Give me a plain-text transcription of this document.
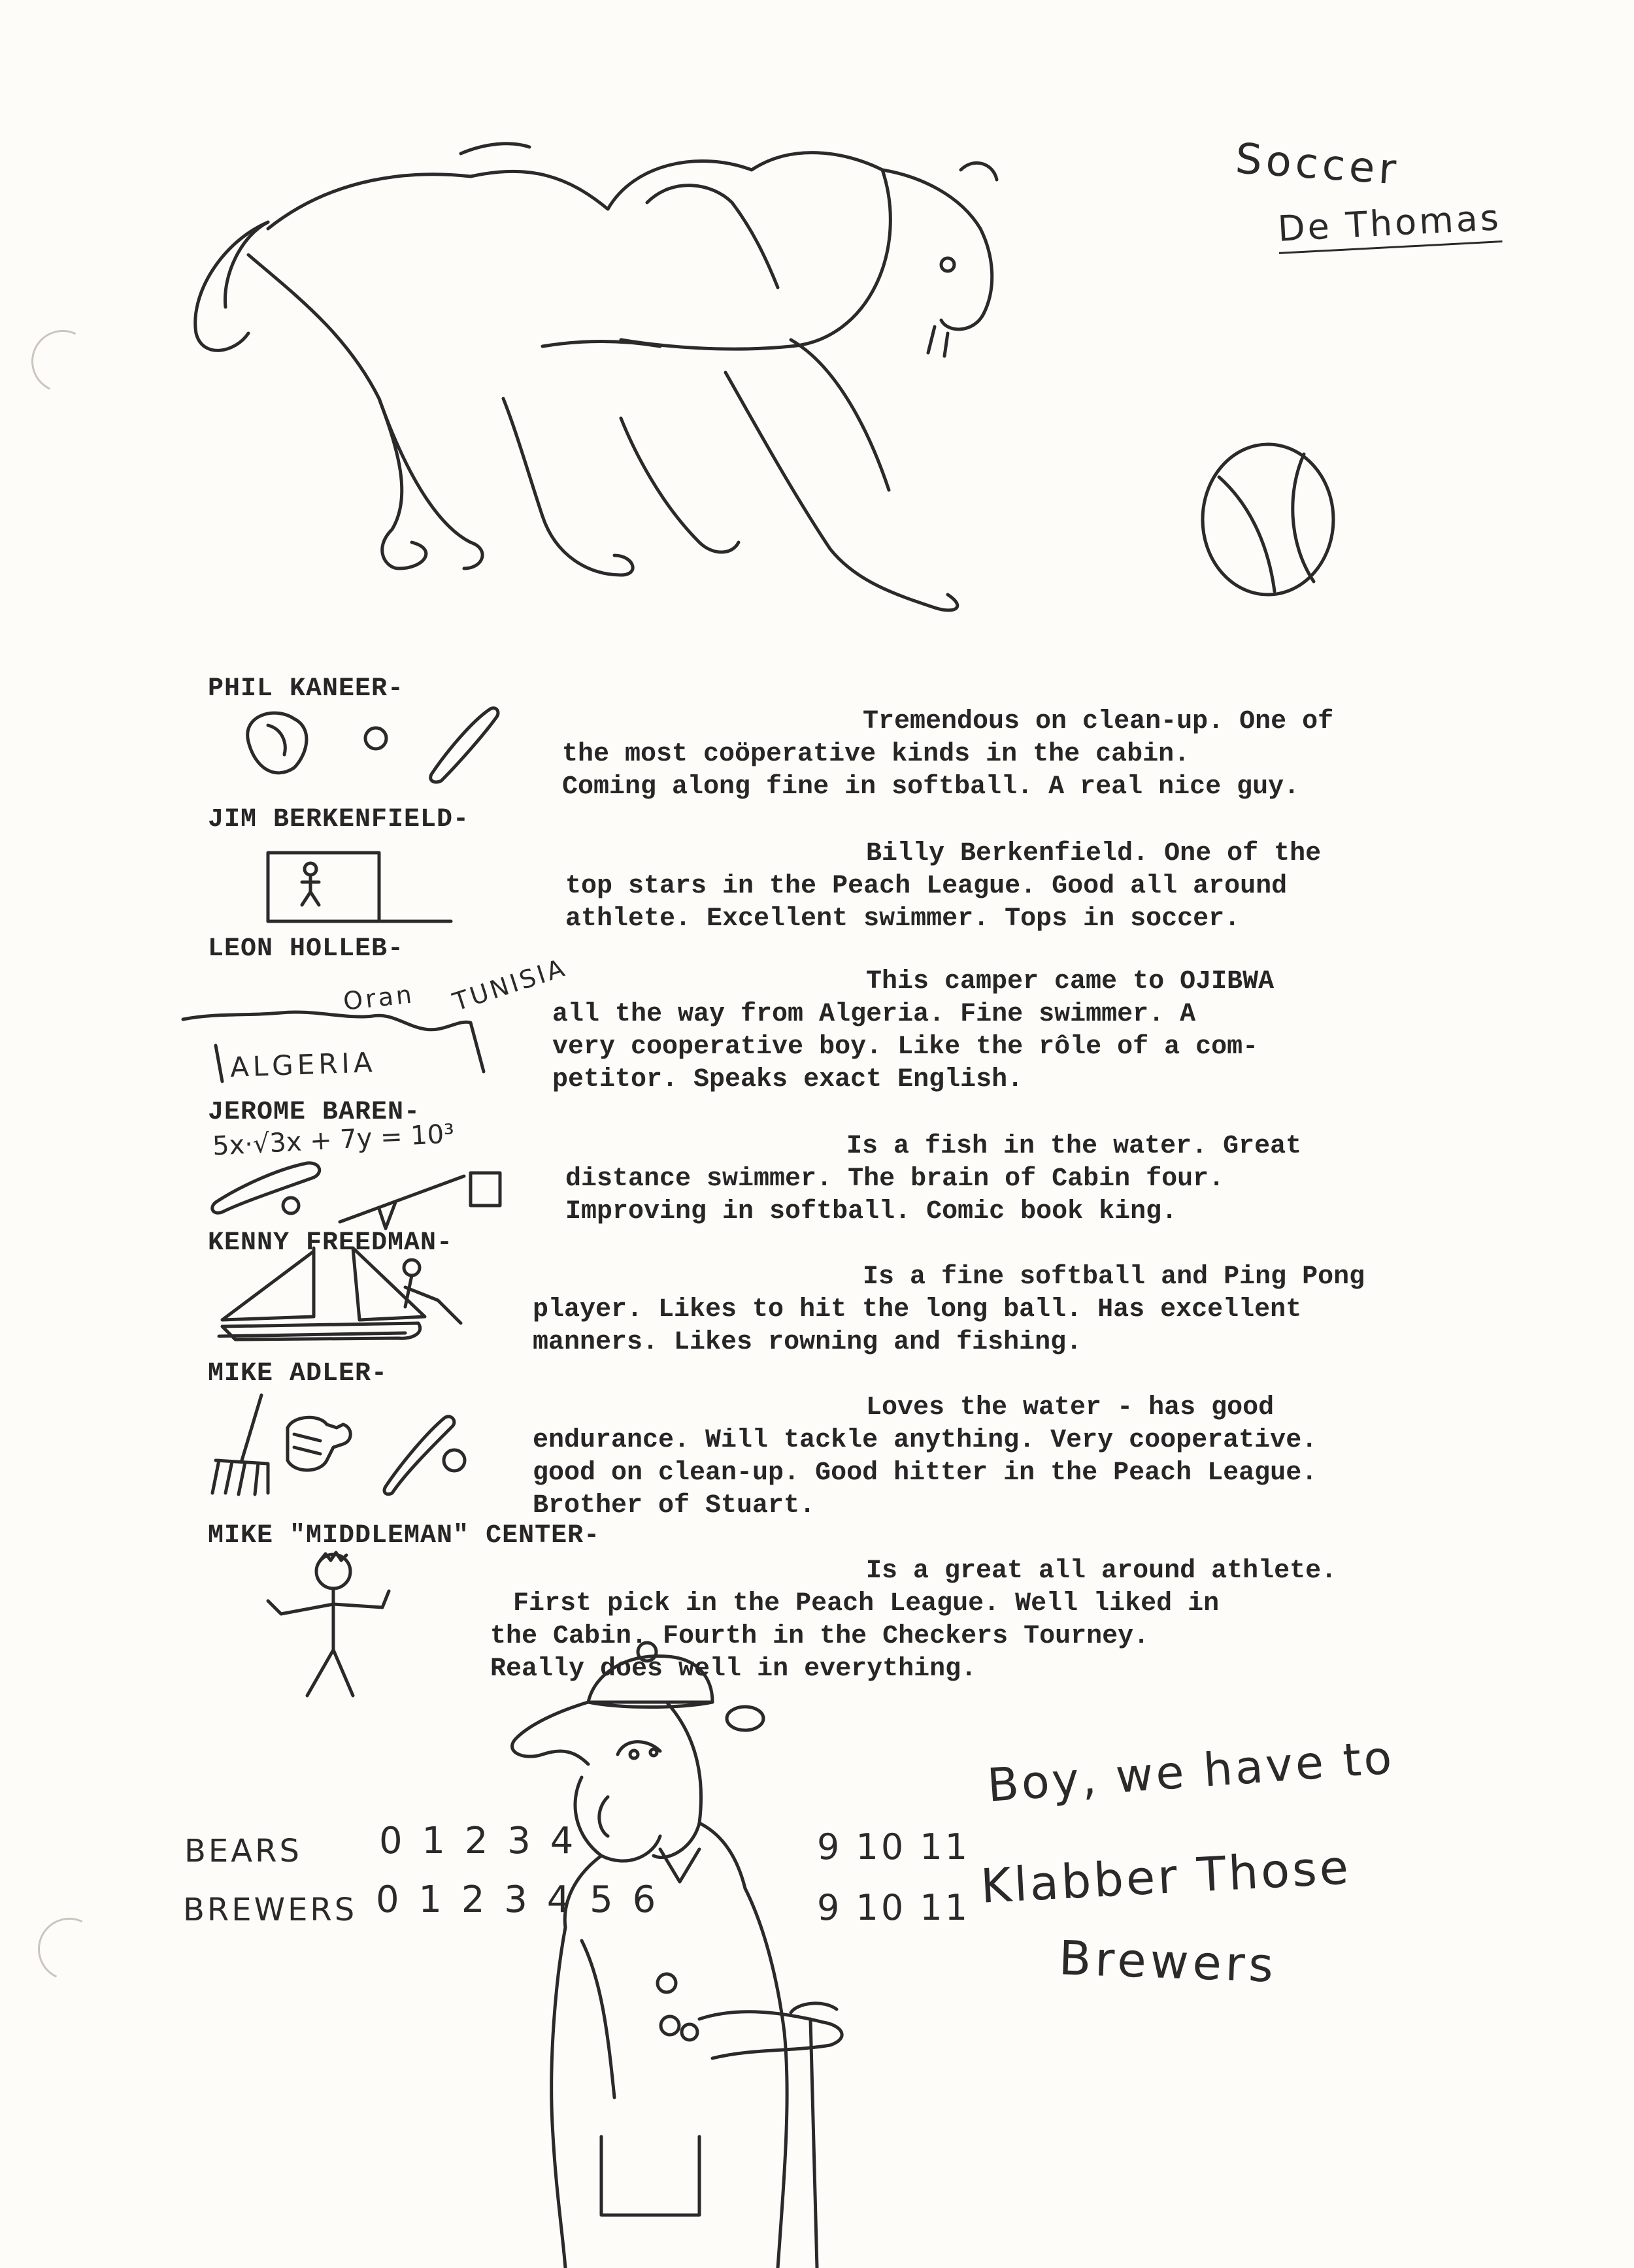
Soccer
De Thomas
PHIL KANEER-

Tremendous on clean-up. One of
the most coöperative kinds in the cabin.
Coming along fine in softball. A real nice guy.

JIM BERKENFIELD-

Billy Berkenfield. One of the
top stars in the Peach League. Good all around
athlete. Excellent swimmer. Tops in soccer.

LEON HOLLEB-
Oran TUNISIA
ALGERIA

This camper came to OJIBWA
all the way from Algeria. Fine swimmer. A
very cooperative boy. Like the rôle of a com-
petitor. Speaks exact English.

JEROME BAREN-
5x·√3x + 7y = 10³	Is a fish in the water. Great
distance swimmer. The brain of Cabin four.
Improving in softball. Comic book king.

KENNY FREEDMAN-

Is a fine softball and Ping Pong
player. Likes to hit the long ball. Has excellent
manners. Likes rowning and fishing.

MIKE ADLER-

Loves the water - has good
endurance. Will tackle anything. Very cooperative.
good on clean-up. Good hitter in the Peach League.
Brother of Stuart.

MIKE "MIDDLEMAN" CENTER-

Is a great all around athlete.
First pick in the Peach League. Well liked in
the Cabin. Fourth in the Checkers Tourney.
Really does well in everything.

BEARS 0 1 2 3 4	9 10 11
BREWERS 0 1 2 3 4 5 6	9 10 11
Boy, we have to
Klabber Those
Brewers
